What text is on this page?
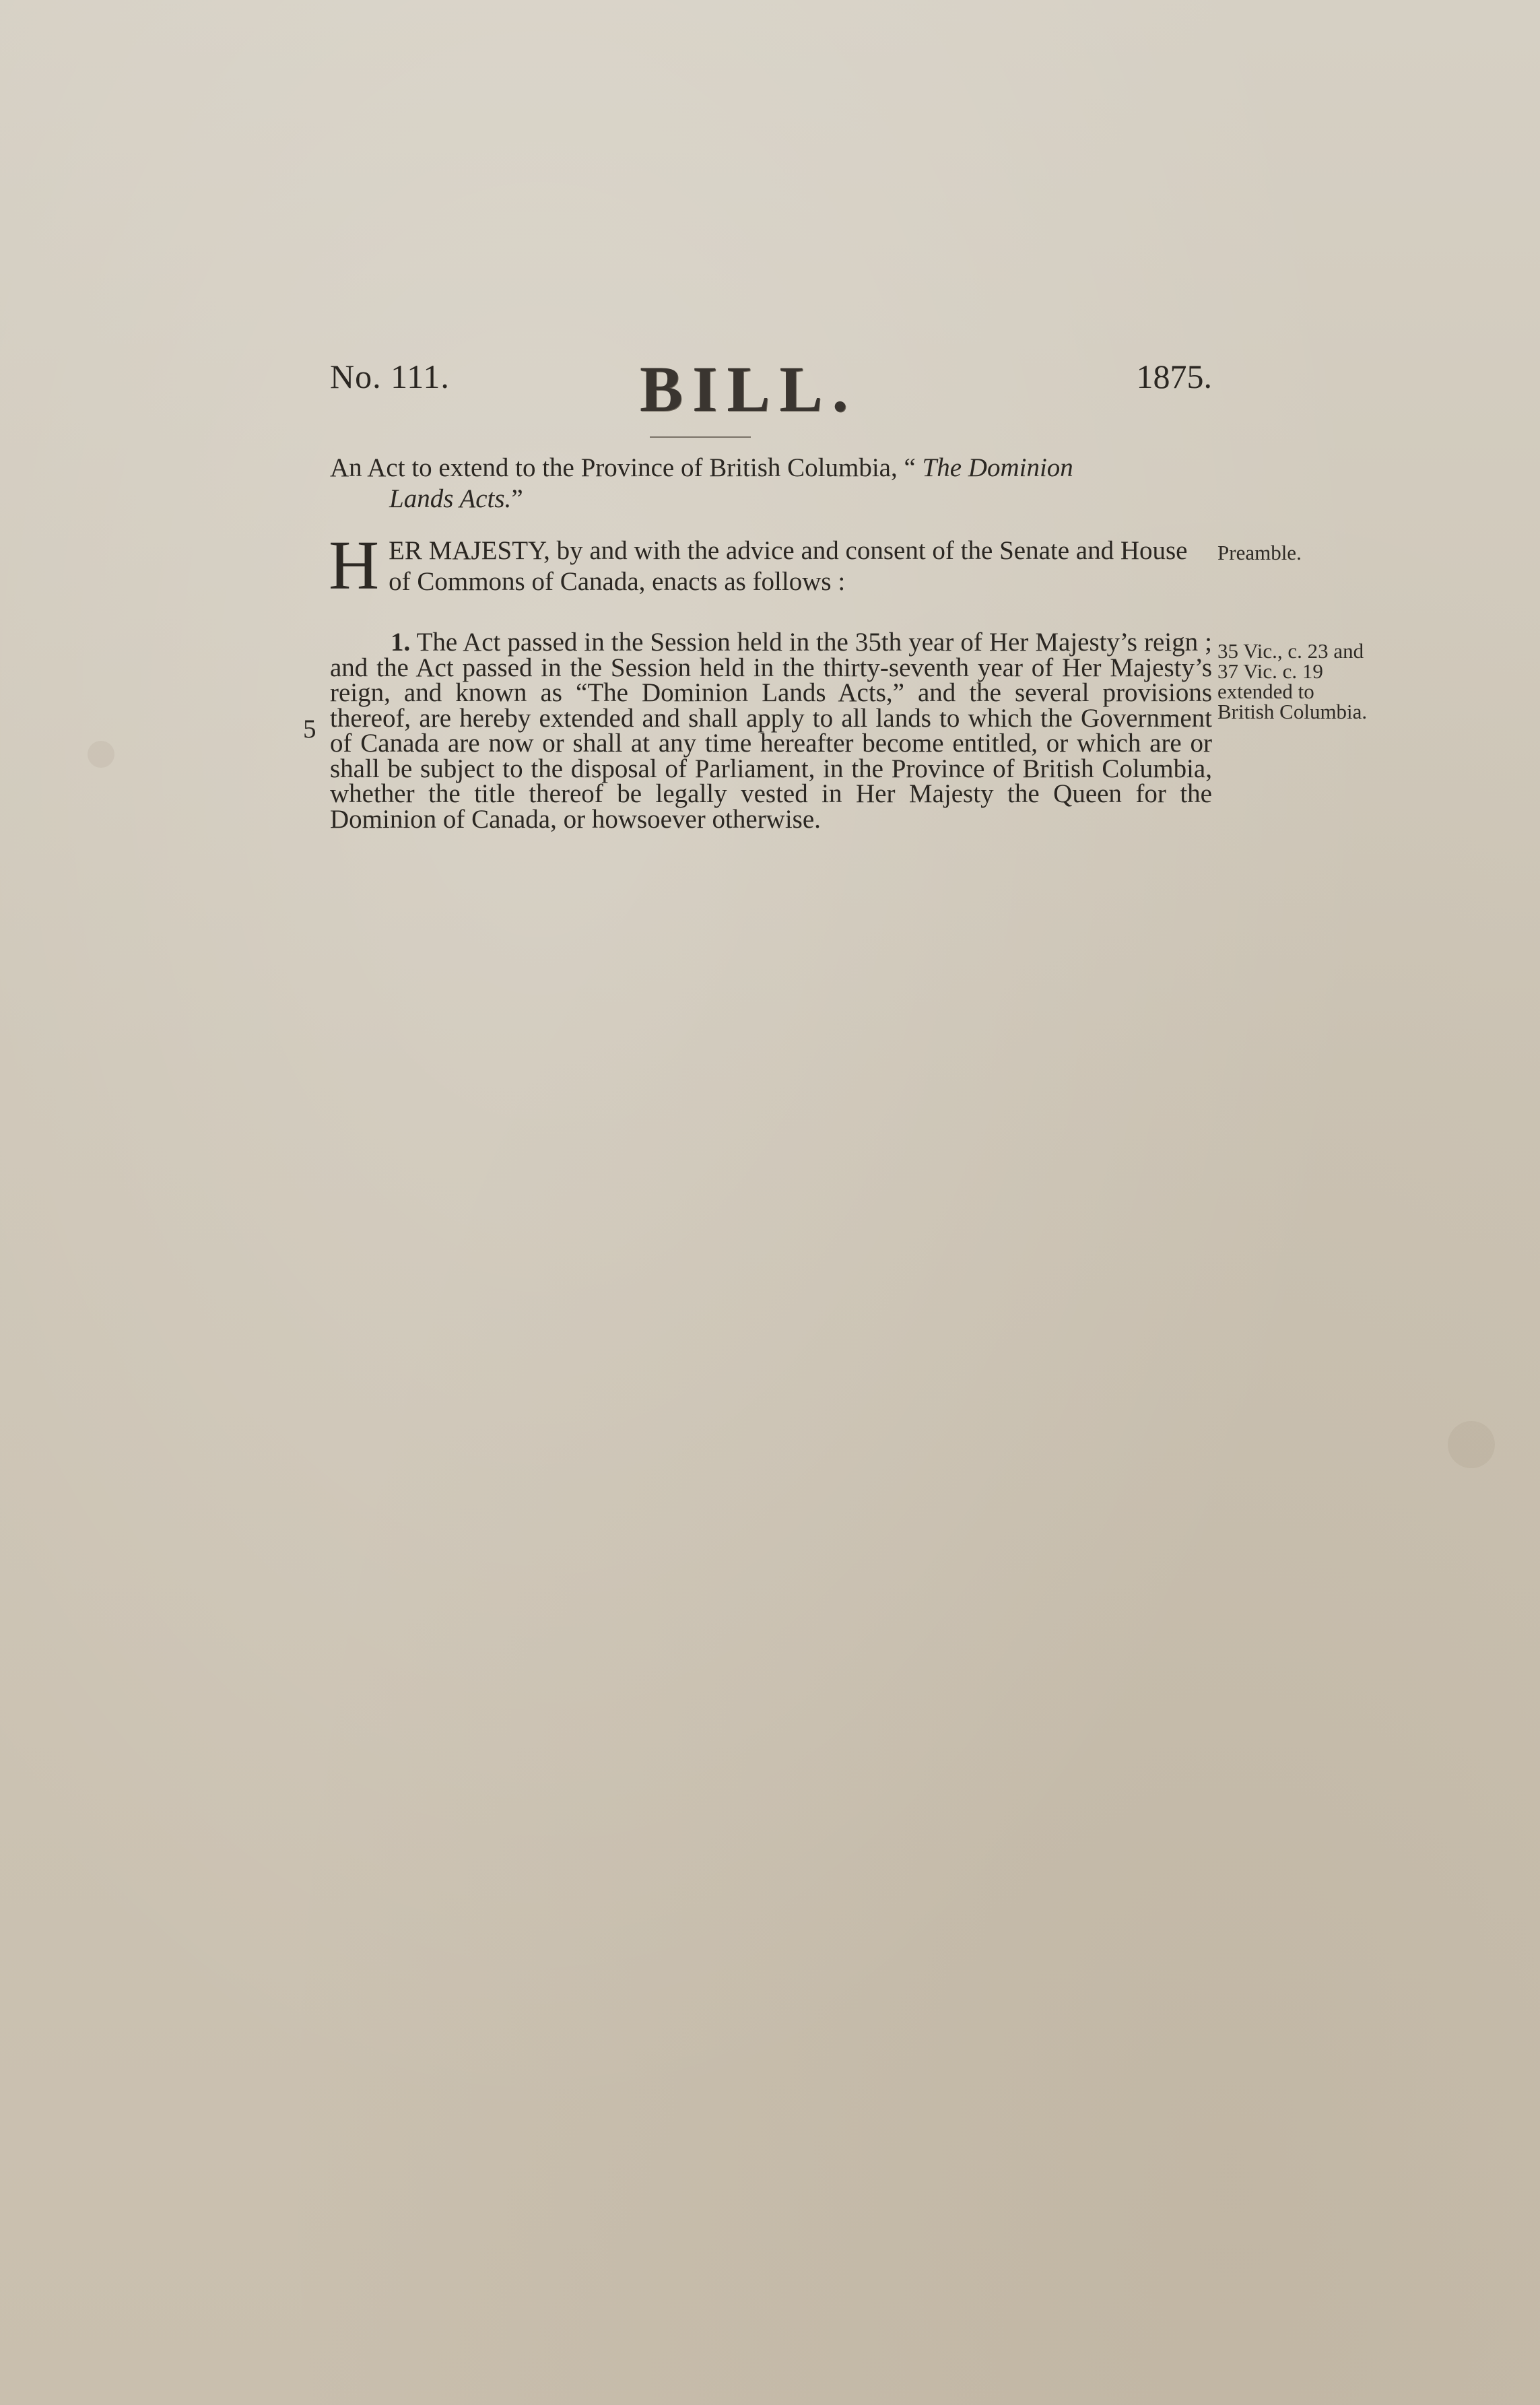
No. 111.	BILL.	1875.
An Act to extend to the Province of British Columbia, “ The Dominion
Lands Acts.”
H ER MAJESTY, by and with the advice and consent of the Senate and House of Commons of Canada, enacts as follows :
Preamble.
1. The Act passed in the Session held in the 35th year of Her Majesty’s reign ; and the Act passed in the Session held in the thirty-seventh year of Her Majesty’s reign, and known as “The Dominion Lands Acts,” and the several provisions thereof, are hereby extended and shall apply to all lands to which the Government of Canada are now or shall at any time hereafter become entitled, or which are or shall be subject to the disposal of Parliament, in the Province of British Columbia, whether the title thereof be legally vested in Her Majesty the Queen for the Dominion of Canada, or howsoever otherwise.
5
35 Vic., c. 23 and 37 Vic. c. 19 extended to British Columbia.
